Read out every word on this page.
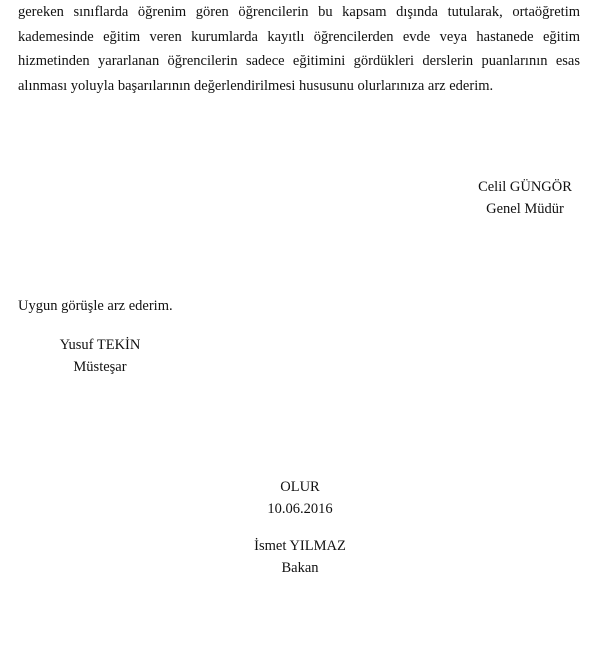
gereken sınıflarda öğrenim gören öğrencilerin bu kapsam dışında tutularak, ortaöğretim kademesinde eğitim veren kurumlarda kayıtlı öğrencilerden evde veya hastanede eğitim hizmetinden yararlanan öğrencilerin sadece eğitimini gördükleri derslerin puanlarının esas alınması yoluyla başarılarının değerlendirilmesi hususunu olurlarınıza arz ederim.

Celil GÜNGÖR
Genel Müdür
Uygun görüşle arz ederim.
Yusuf TEKİN
Müsteşar
OLUR
10.06.2016
İsmet YILMAZ
Bakan
